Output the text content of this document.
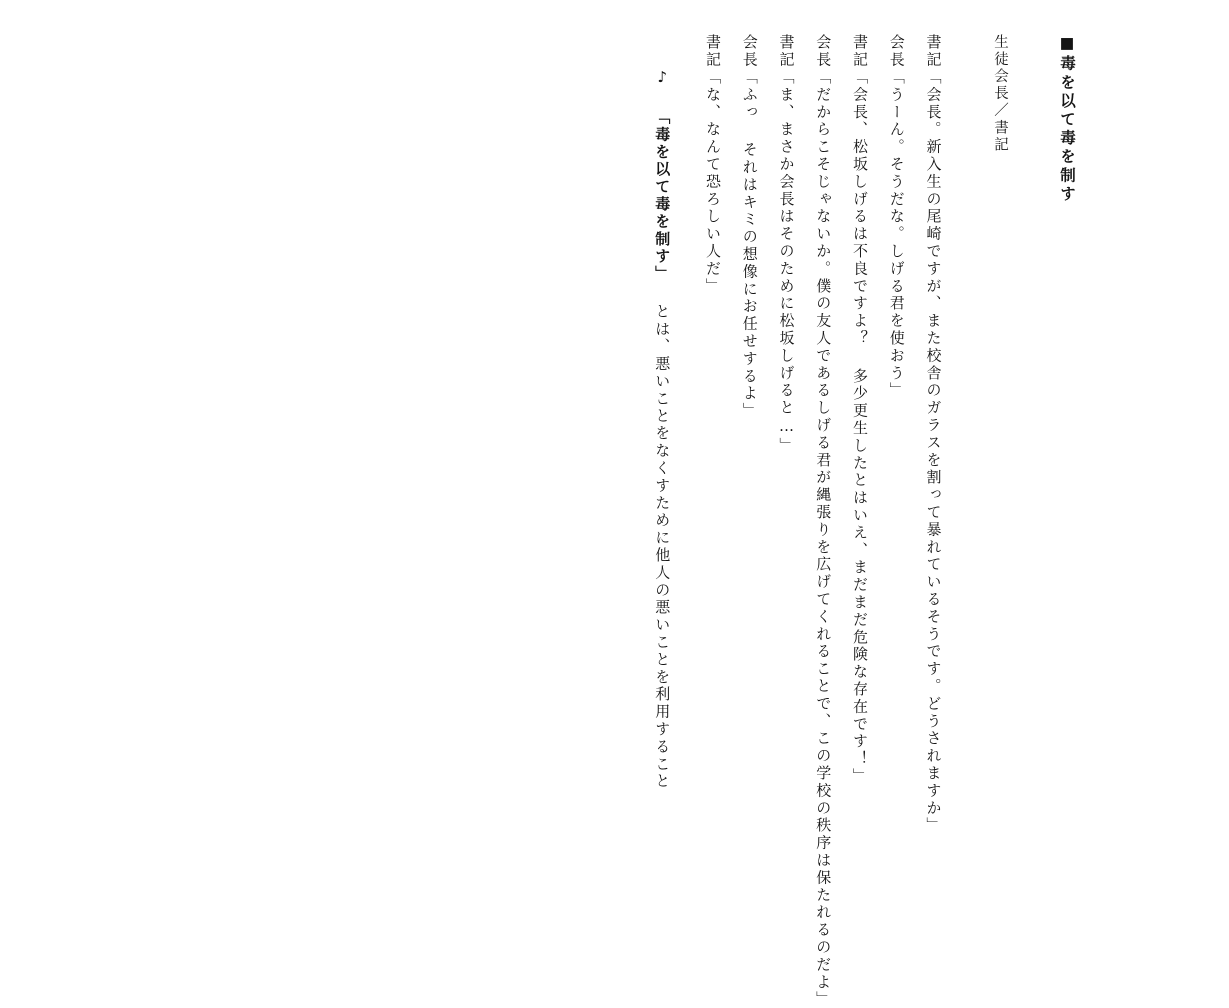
■毒を以て毒を制す
生徒会長／書記
書記「会長。新入生の尾崎ですが、また校舎のガラスを割って暴れているそうです。どうされますか」
会長「うーん。そうだな。しげる君を使おう」
書記「会長、松坂しげるは不良ですよ？ 多少更生したとはいえ、まだまだ危険な存在です！」
会長「だからこそじゃないか。僕の友人であるしげる君が縄張りを広げてくれることで、この学校の秩序は保たれるのだよ」
書記「ま、まさか会長はそのために松坂しげると…」
会長「ふっ それはキミの想像にお任せするよ」
書記「な、なんて恐ろしい人だ」
♪ 「毒を以て毒を制す」 とは、悪いことをなくすために他人の悪いことを利用すること
